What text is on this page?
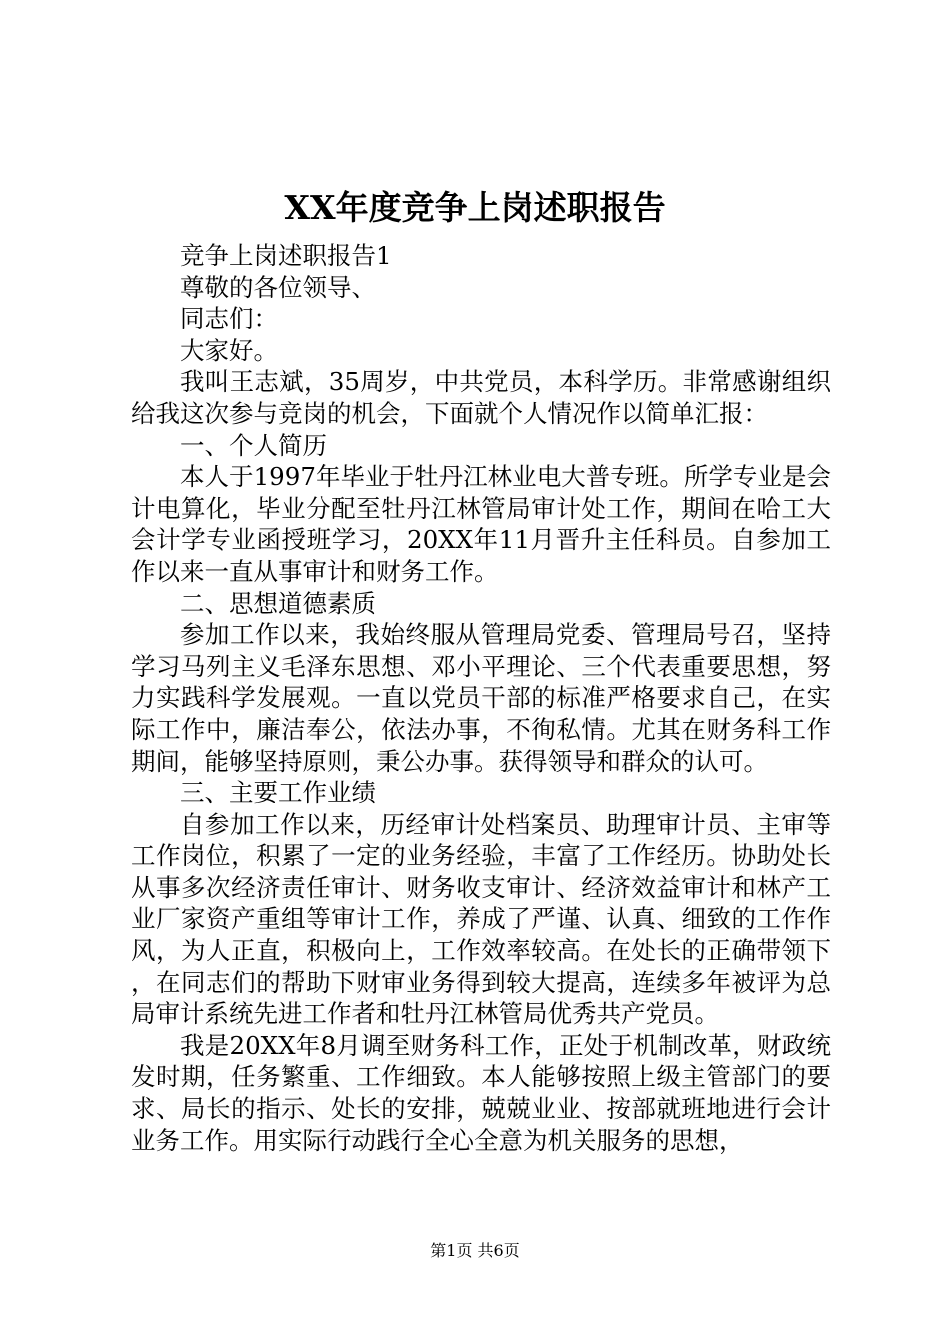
XX年度竞争上岗述职报告

竞争上岗述职报告1

尊敬的各位领导、

同志们：

大家好。

我叫王志斌，35周岁，中共党员，本科学历。非常感谢组织给我这次参与竞岗的机会，下面就个人情况作以简单汇报：

一、个人简历

本人于1997年毕业于牡丹江林业电大普专班。所学专业是会计电算化，毕业分配至牡丹江林管局审计处工作，期间在哈工大会计学专业函授班学习，20XX年11月晋升主任科员。自参加工作以来一直从事审计和财务工作。

二、思想道德素质

参加工作以来，我始终服从管理局党委、管理局号召，坚持学习马列主义毛泽东思想、邓小平理论、三个代表重要思想，努力实践科学发展观。一直以党员干部的标准严格要求自己，在实际工作中，廉洁奉公，依法办事，不徇私情。尤其在财务科工作期间，能够坚持原则，秉公办事。获得领导和群众的认可。

三、主要工作业绩

自参加工作以来，历经审计处档案员、助理审计员、主审等工作岗位，积累了一定的业务经验，丰富了工作经历。协助处长从事多次经济责任审计、财务收支审计、经济效益审计和林产工业厂家资产重组等审计工作，养成了严谨、认真、细致的工作作风，为人正直，积极向上，工作效率较高。在处长的正确带领下，在同志们的帮助下财审业务得到较大提高，连续多年被评为总局审计系统先进工作者和牡丹江林管局优秀共产党员。

我是20XX年8月调至财务科工作，正处于机制改革，财政统发时期，任务繁重、工作细致。本人能够按照上级主管部门的要求、局长的指示、处长的安排，兢兢业业、按部就班地进行会计业务工作。用实际行动践行全心全意为机关服务的思想，

第1页 共6页
